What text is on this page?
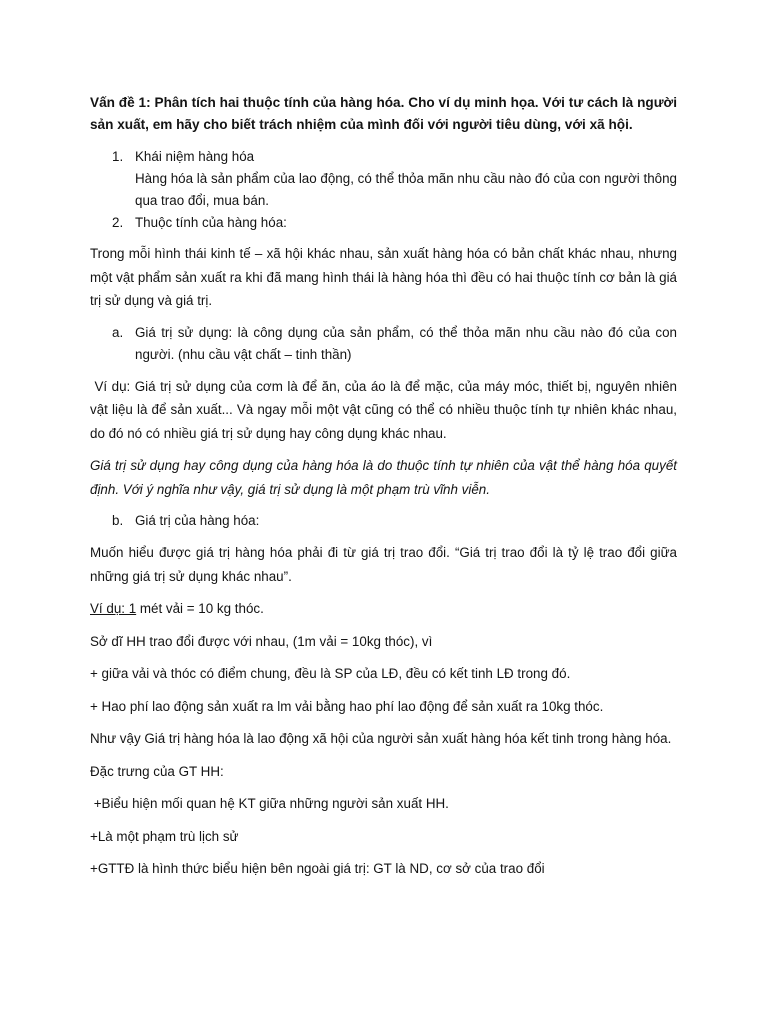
Vấn đề 1: Phân tích hai thuộc tính của hàng hóa. Cho ví dụ minh họa. Với tư cách là người sản xuất, em hãy cho biết trách nhiệm của mình đối với người tiêu dùng, với xã hội.

1. Khái niệm hàng hóa
Hàng hóa là sản phẩm của lao động, có thể thỏa mãn nhu cầu nào đó của con người thông qua trao đổi, mua bán.
2. Thuộc tính của hàng hóa:

Trong mỗi hình thái kinh tế – xã hội khác nhau, sản xuất hàng hóa có bản chất khác nhau, nhưng một vật phẩm sản xuất ra khi đã mang hình thái là hàng hóa thì đều có hai thuộc tính cơ bản là giá trị sử dụng và giá trị.

a. Giá trị sử dụng: là công dụng của sản phẩm, có thể thỏa mãn nhu cầu nào đó của con người. (nhu cầu vật chất – tinh thần)

Ví dụ: Giá trị sử dụng của cơm là để ăn, của áo là để mặc, của máy móc, thiết bị, nguyên nhiên vật liệu là để sản xuất... Và ngay mỗi một vật cũng có thể có nhiều thuộc tính tự nhiên khác nhau, do đó nó có nhiều giá trị sử dụng hay công dụng khác nhau.

Giá trị sử dụng hay công dụng của hàng hóa là do thuộc tính tự nhiên của vật thể hàng hóa quyết định. Với ý nghĩa như vậy, giá trị sử dụng là một phạm trù vĩnh viễn.

b. Giá trị của hàng hóa:

Muốn hiểu được giá trị hàng hóa phải đi từ giá trị trao đổi. “Giá trị trao đổi là tỷ lệ trao đổi giữa những giá trị sử dụng khác nhau”.

Ví dụ: 1 mét vải = 10 kg thóc.

Sở dĩ HH trao đổi được với nhau, (1m vải = 10kg thóc), vì

+ giữa vải và thóc có điểm chung, đều là SP của LĐ, đều có kết tinh LĐ trong đó.

+ Hao phí lao động sản xuất ra lm vải bằng hao phí lao động để sản xuất ra 10kg thóc.

Như vậy Giá trị hàng hóa là lao động xã hội của người sản xuất hàng hóa kết tinh trong hàng hóa.

Đặc trưng của GT HH:

+Biểu hiện mối quan hệ KT giữa những người sản xuất HH.

+Là một phạm trù lịch sử

+GTTĐ là hình thức biểu hiện bên ngoài giá trị: GT là ND, cơ sở của trao đổi
